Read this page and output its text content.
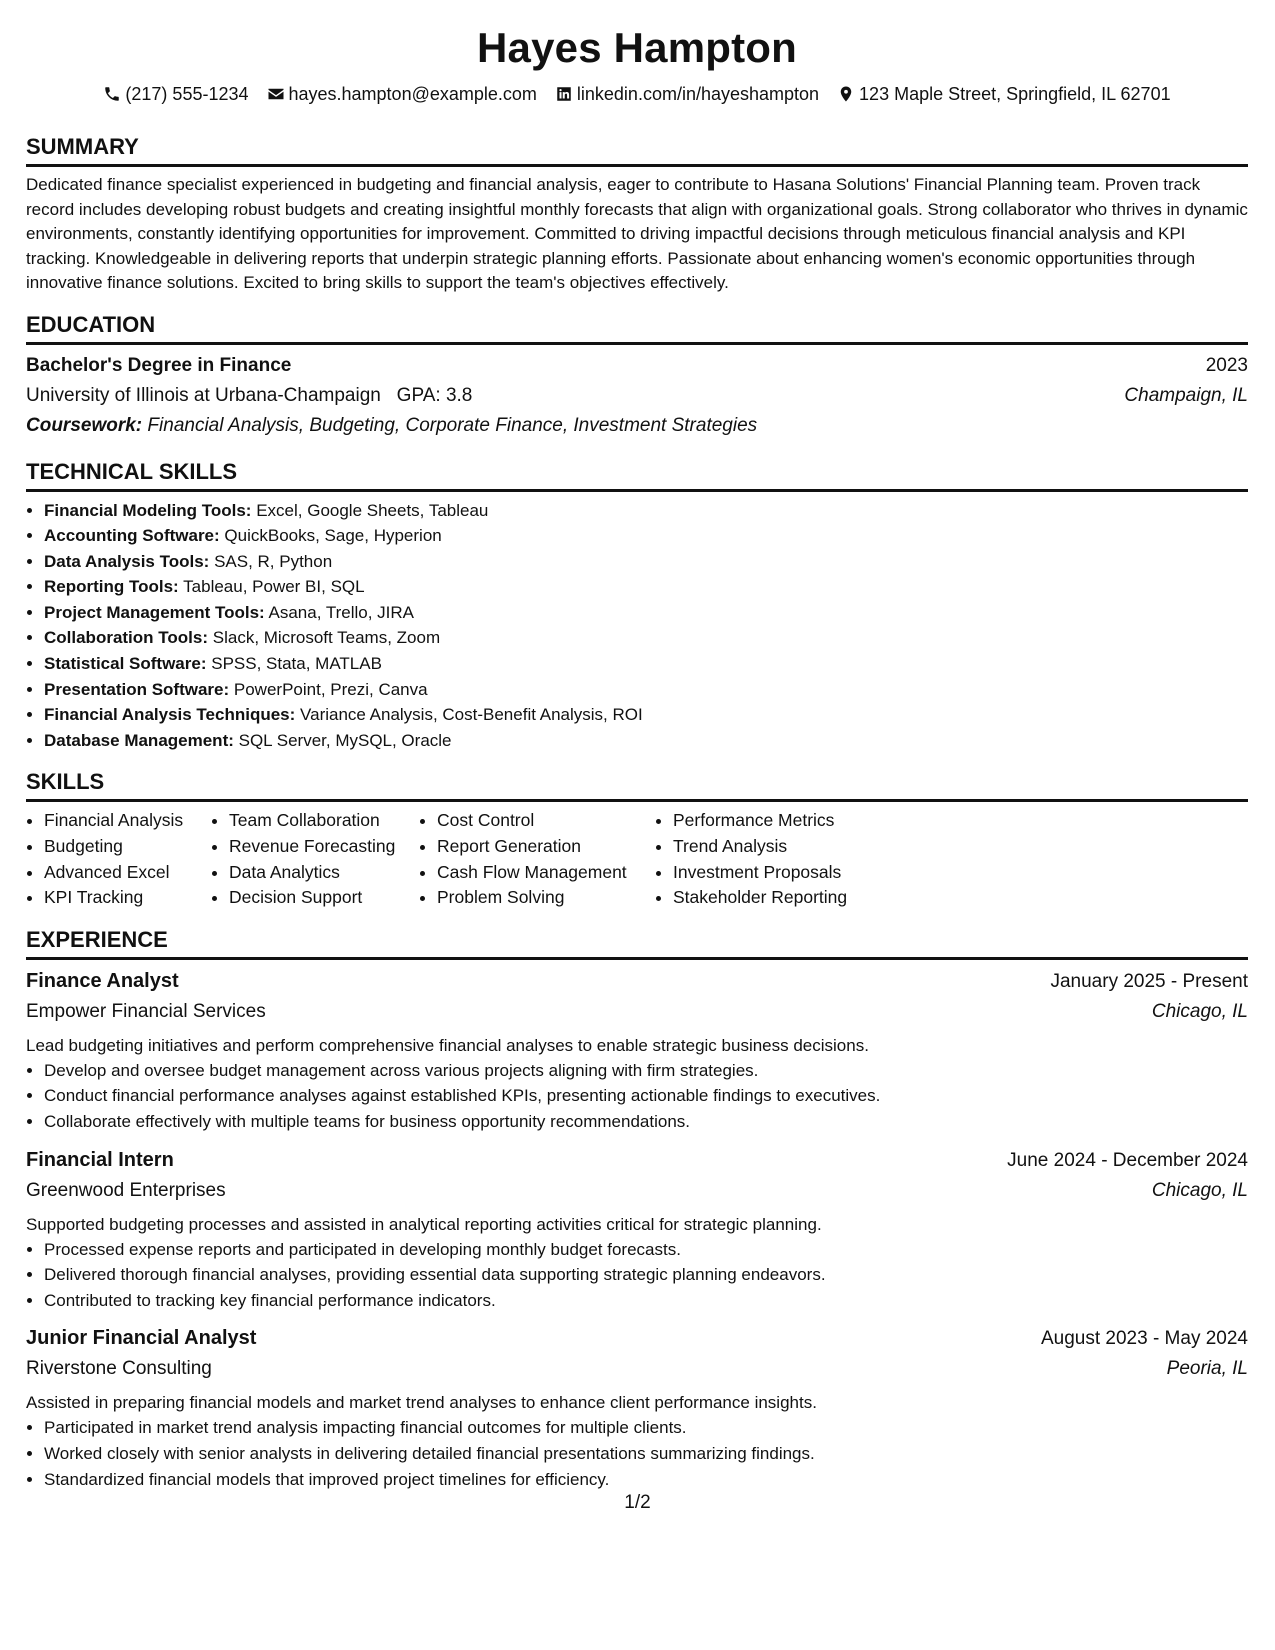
Hayes Hampton
(217) 555-1234 hayes.hampton@example.com linkedin.com/in/hayeshampton 123 Maple Street, Springfield, IL 62701
SUMMARY

Dedicated finance specialist experienced in budgeting and financial analysis, eager to contribute to Hasana Solutions' Financial Planning team. Proven track record includes developing robust budgets and creating insightful monthly forecasts that align with organizational goals. Strong collaborator who thrives in dynamic environments, constantly identifying opportunities for improvement. Committed to driving impactful decisions through meticulous financial analysis and KPI tracking. Knowledgeable in delivering reports that underpin strategic planning efforts. Passionate about enhancing women's economic opportunities through innovative finance solutions. Excited to bring skills to support the team's objectives effectively.

EDUCATION
Bachelor's Degree in Finance	2023
University of Illinois at Urbana-Champaign GPA: 3.8	Champaign, IL
Coursework: Financial Analysis, Budgeting, Corporate Finance, Investment Strategies
TECHNICAL SKILLS
• Financial Modeling Tools: Excel, Google Sheets, Tableau
• Accounting Software: QuickBooks, Sage, Hyperion
• Data Analysis Tools: SAS, R, Python
• Reporting Tools: Tableau, Power BI, SQL
• Project Management Tools: Asana, Trello, JIRA
• Collaboration Tools: Slack, Microsoft Teams, Zoom
• Statistical Software: SPSS, Stata, MATLAB
• Presentation Software: PowerPoint, Prezi, Canva
• Financial Analysis Techniques: Variance Analysis, Cost-Benefit Analysis, ROI
• Database Management: SQL Server, MySQL, Oracle
SKILLS
• Financial Analysis
• Budgeting
• Advanced Excel
• KPI Tracking
• Team Collaboration
• Revenue Forecasting
• Data Analytics
• Decision Support
• Cost Control
• Report Generation
• Cash Flow Management
• Problem Solving
• Performance Metrics
• Trend Analysis
• Investment Proposals
• Stakeholder Reporting
EXPERIENCE
Finance Analyst	January 2025 - Present
Empower Financial Services	Chicago, IL
Lead budgeting initiatives and perform comprehensive financial analyses to enable strategic business decisions.
• Develop and oversee budget management across various projects aligning with firm strategies.
• Conduct financial performance analyses against established KPIs, presenting actionable findings to executives.
• Collaborate effectively with multiple teams for business opportunity recommendations.
Financial Intern	June 2024 - December 2024
Greenwood Enterprises	Chicago, IL
Supported budgeting processes and assisted in analytical reporting activities critical for strategic planning.
• Processed expense reports and participated in developing monthly budget forecasts.
• Delivered thorough financial analyses, providing essential data supporting strategic planning endeavors.
• Contributed to tracking key financial performance indicators.
Junior Financial Analyst	August 2023 - May 2024
Riverstone Consulting	Peoria, IL
Assisted in preparing financial models and market trend analyses to enhance client performance insights.
• Participated in market trend analysis impacting financial outcomes for multiple clients.
• Worked closely with senior analysts in delivering detailed financial presentations summarizing findings.
• Standardized financial models that improved project timelines for efficiency.
1/2
